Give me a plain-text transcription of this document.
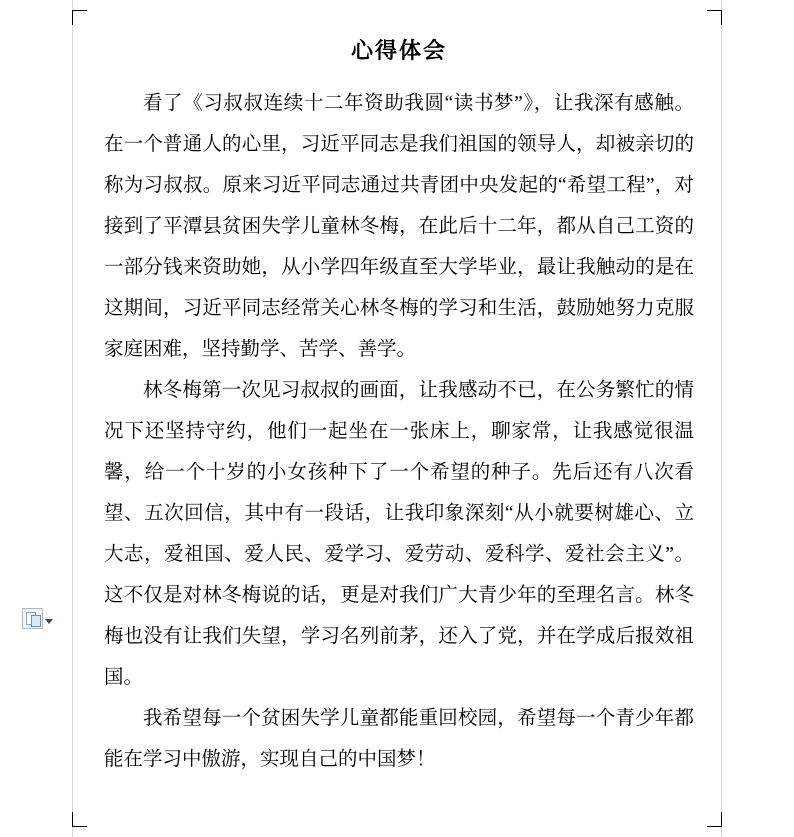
心得体会

看了《习叔叔连续十二年资助我圆“读书梦”》，让我深有感触。在一个普通人的心里，习近平同志是我们祖国的领导人，却被亲切的称为习叔叔。原来习近平同志通过共青团中央发起的“希望工程”，对接到了平潭县贫困失学儿童林冬梅，在此后十二年，都从自己工资的一部分钱来资助她，从小学四年级直至大学毕业，最让我触动的是在这期间，习近平同志经常关心林冬梅的学习和生活，鼓励她努力克服家庭困难，坚持勤学、苦学、善学。

林冬梅第一次见习叔叔的画面，让我感动不已，在公务繁忙的情况下还坚持守约，他们一起坐在一张床上，聊家常，让我感觉很温馨，给一个十岁的小女孩种下了一个希望的种子。先后还有八次看望、五次回信，其中有一段话，让我印象深刻“从小就要树雄心、立大志，爱祖国、爱人民、爱学习、爱劳动、爱科学、爱社会主义”。这不仅是对林冬梅说的话，更是对我们广大青少年的至理名言。林冬梅也没有让我们失望，学习名列前茅，还入了党，并在学成后报效祖国。

我希望每一个贫困失学儿童都能重回校园，希望每一个青少年都能在学习中傲游，实现自己的中国梦！
